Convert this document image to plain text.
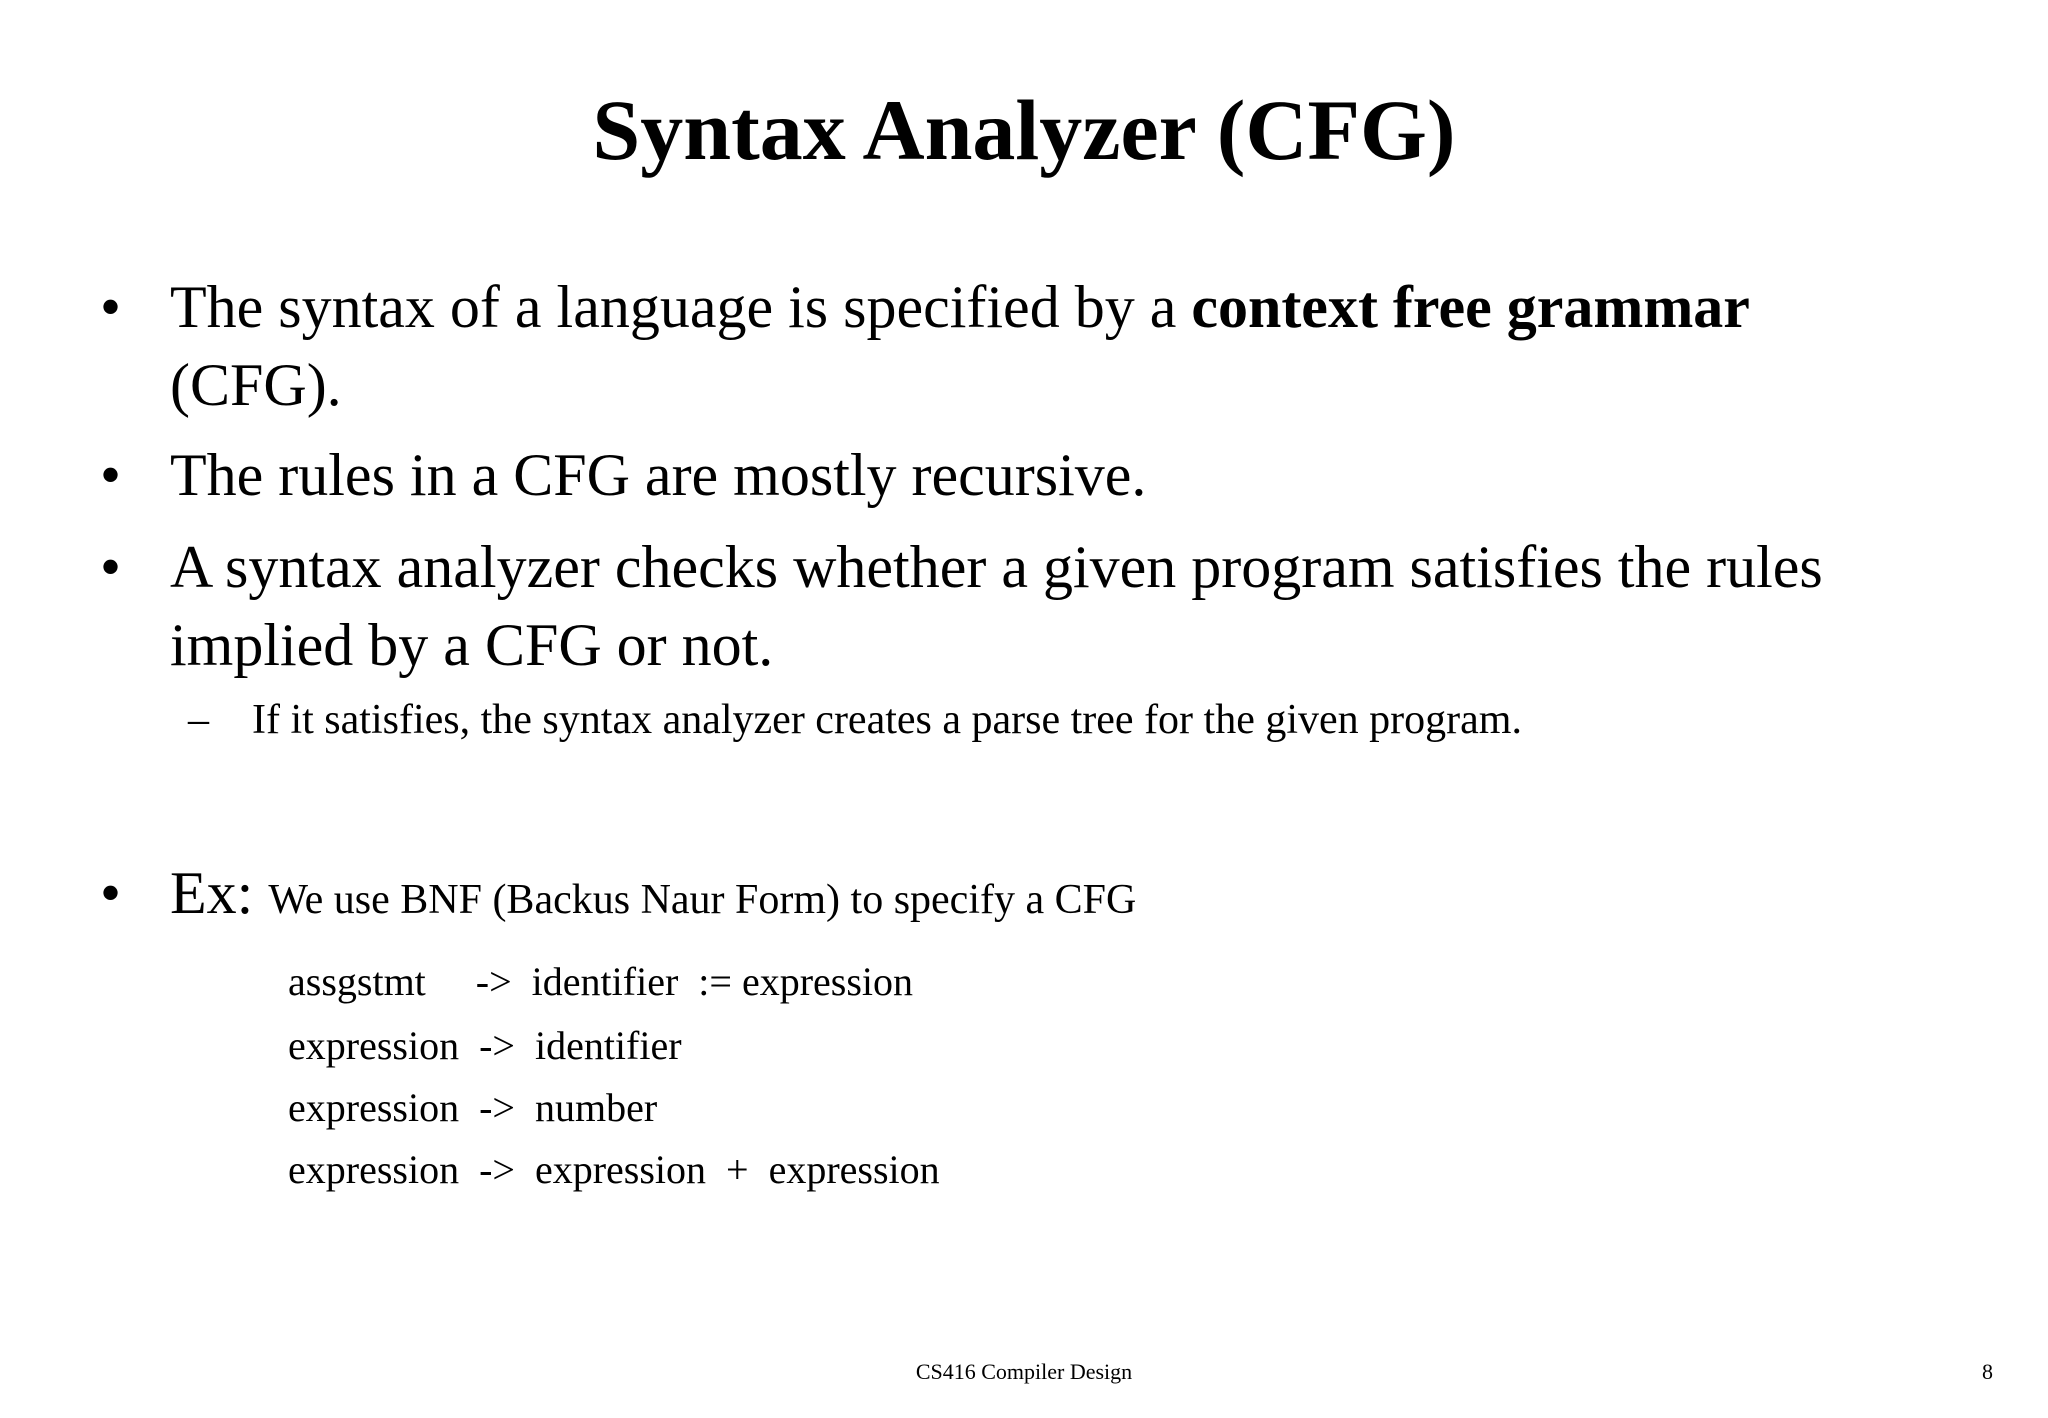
Syntax Analyzer (CFG)
• The syntax of a language is specified by a context free grammar
(CFG).
• The rules in a CFG are mostly recursive.
• A syntax analyzer checks whether a given program satisfies the rules
implied by a CFG or not.
– If it satisfies, the syntax analyzer creates a parse tree for the given program.
• Ex: We use BNF (Backus Naur Form) to specify a CFG
assgstmt     ->  identifier  := expression
expression  ->  identifier
expression  ->  number
expression  ->  expression  +  expression
CS416 Compiler Design	8
